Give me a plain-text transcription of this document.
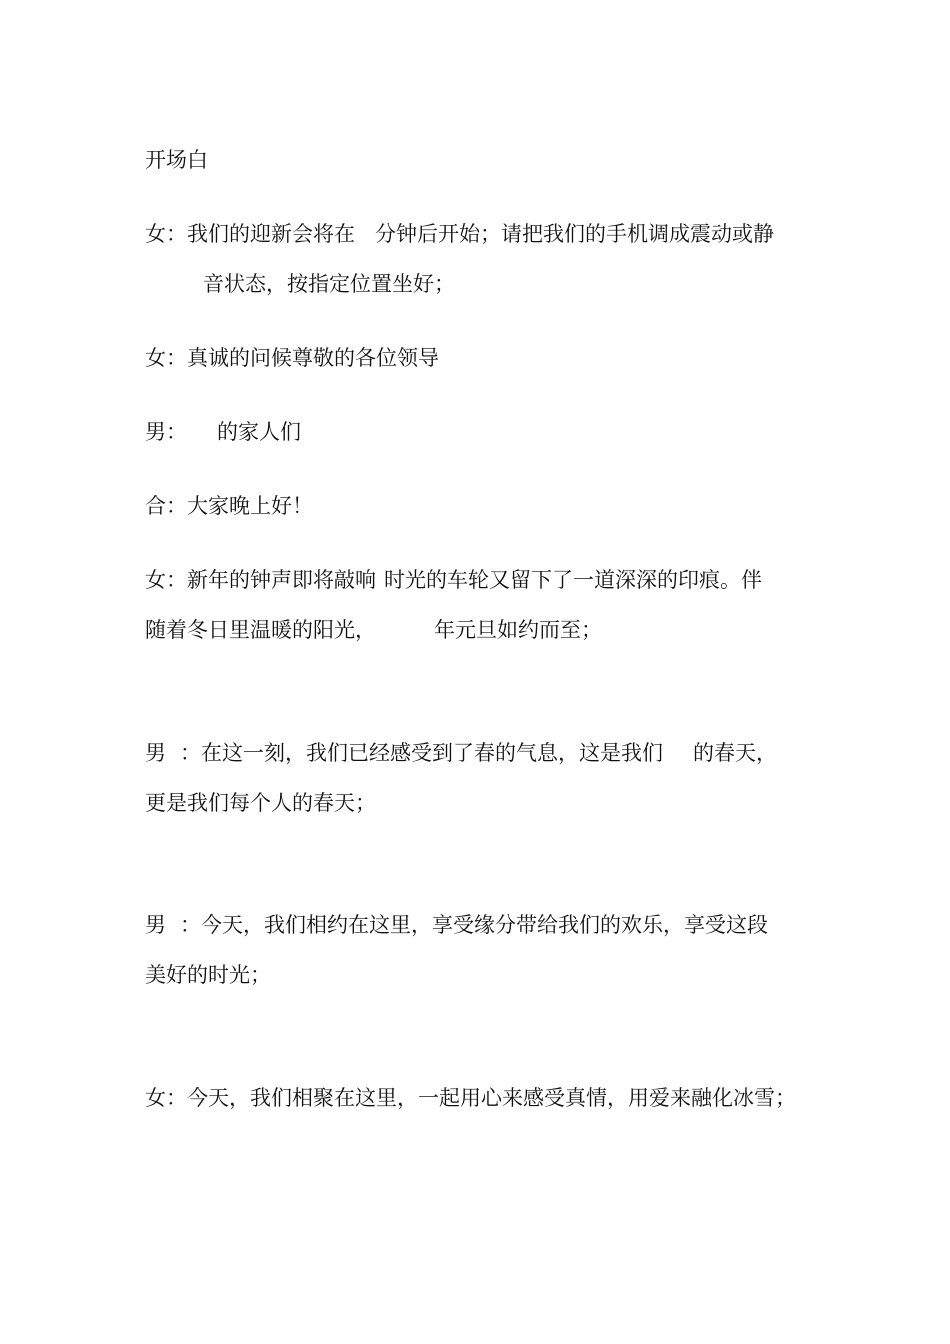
开场白
女：我们的迎新会将在 分钟后开始；请把我们的手机调成震动或静
音状态，按指定位置坐好；
女：真诚的问候尊敬的各位领导
男： 的家人们
合：大家晚上好！
女：新年的钟声即将敲响 时光的车轮又留下了一道深深的印痕。伴
随着冬日里温暖的阳光，	年元旦如约而至；
男 ：在这一刻，我们已经感受到了春的气息，这是我们 的春天，
更是我们每个人的春天；
男 ：今天，我们相约在这里，享受缘分带给我们的欢乐，享受这段
美好的时光；
女：今天，我们相聚在这里，一起用心来感受真情，用爱来融化冰雪；
